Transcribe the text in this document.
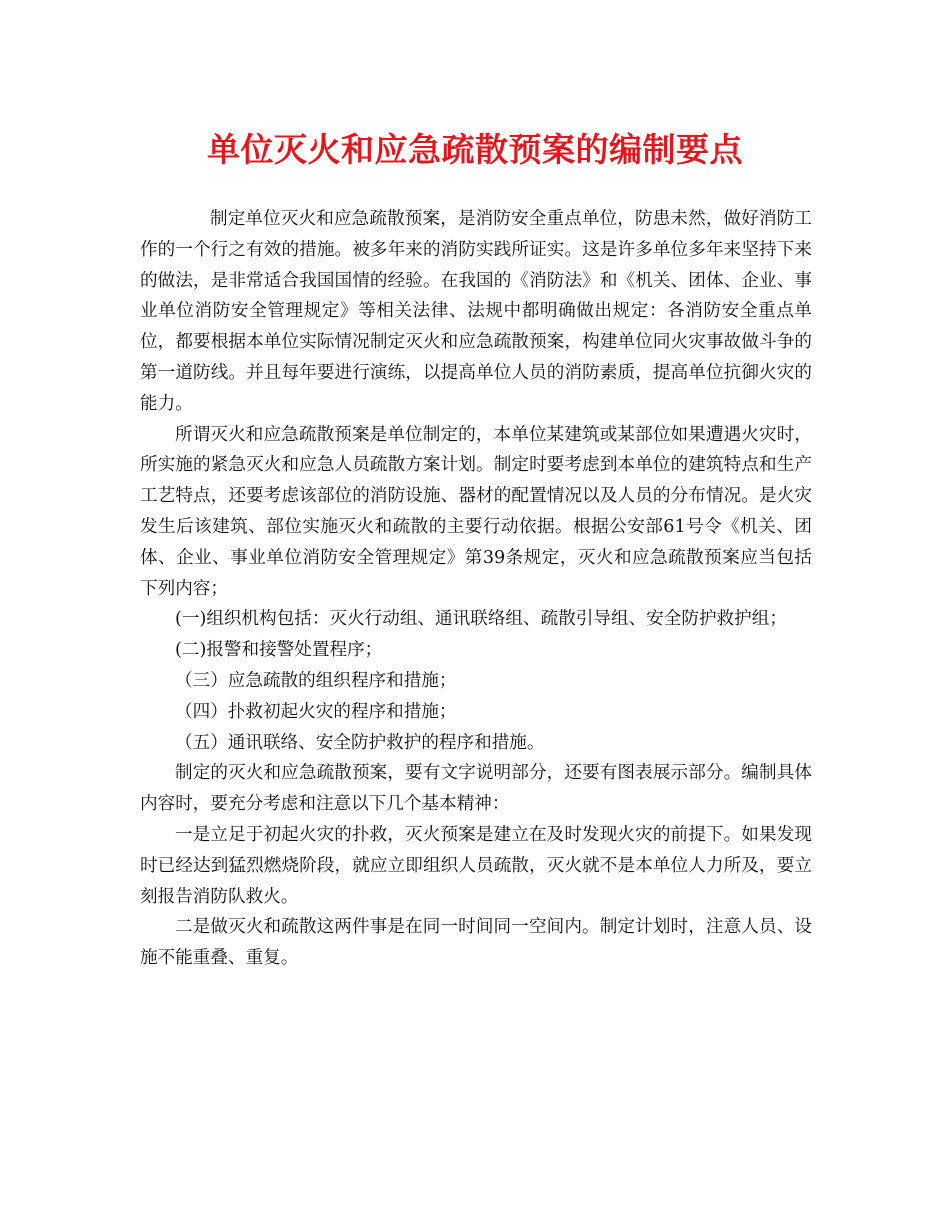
单位灭火和应急疏散预案的编制要点

制定单位灭火和应急疏散预案，是消防安全重点单位，防患未然，做好消防工作的一个行之有效的措施。被多年来的消防实践所证实。这是许多单位多年来坚持下来的做法，是非常适合我国国情的经验。在我国的《消防法》和《机关、团体、企业、事业单位消防安全管理规定》等相关法律、法规中都明确做出规定：各消防安全重点单位，都要根据本单位实际情况制定灭火和应急疏散预案，构建单位同火灾事故做斗争的第一道防线。并且每年要进行演练，以提高单位人员的消防素质，提高单位抗御火灾的能力。

所谓灭火和应急疏散预案是单位制定的，本单位某建筑或某部位如果遭遇火灾时，所实施的紧急灭火和应急人员疏散方案计划。制定时要考虑到本单位的建筑特点和生产工艺特点，还要考虑该部位的消防设施、器材的配置情况以及人员的分布情况。是火灾发生后该建筑、部位实施灭火和疏散的主要行动依据。根据公安部61号令《机关、团体、企业、事业单位消防安全管理规定》第39条规定，灭火和应急疏散预案应当包括下列内容；

(一)组织机构包括：灭火行动组、通讯联络组、疏散引导组、安全防护救护组；

(二)报警和接警处置程序；

（三）应急疏散的组织程序和措施；

（四）扑救初起火灾的程序和措施；

（五）通讯联络、安全防护救护的程序和措施。

制定的灭火和应急疏散预案，要有文字说明部分，还要有图表展示部分。编制具体内容时，要充分考虑和注意以下几个基本精神：

一是立足于初起火灾的扑救，灭火预案是建立在及时发现火灾的前提下。如果发现时已经达到猛烈燃烧阶段，就应立即组织人员疏散，灭火就不是本单位人力所及，要立刻报告消防队救火。

二是做灭火和疏散这两件事是在同一时间同一空间内。制定计划时，注意人员、设施不能重叠、重复。
